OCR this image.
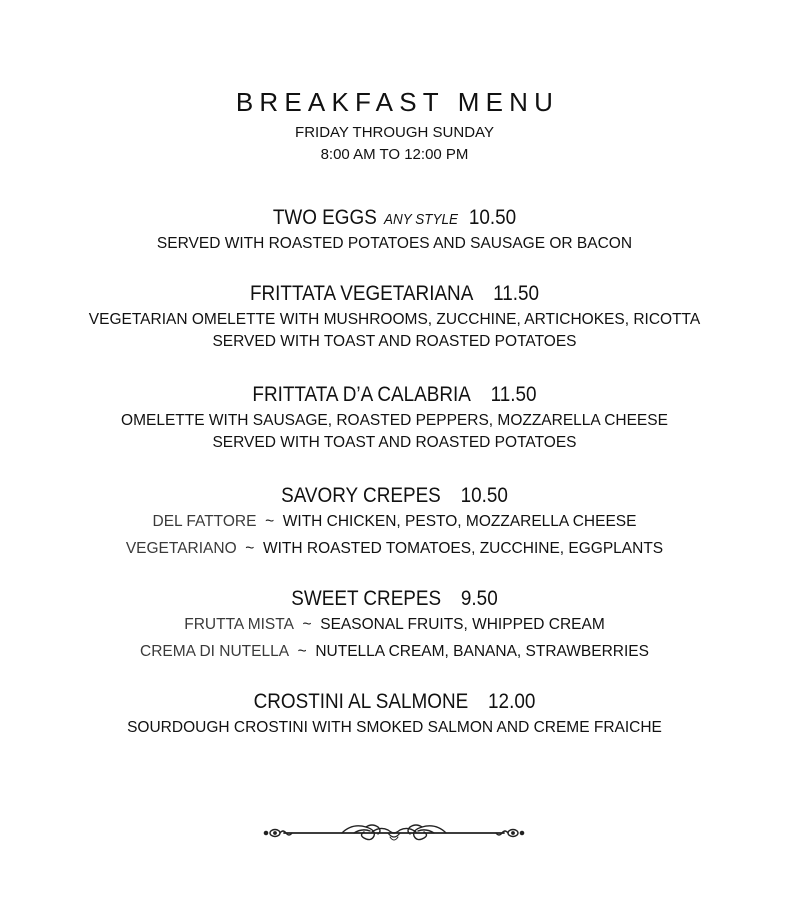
BREAKFAST MENU
FRIDAY THROUGH SUNDAY
8:00 AM TO 12:00 PM
TWO EGGS ANY STYLE 10.50
SERVED WITH ROASTED POTATOES AND SAUSAGE OR BACON
FRITTATA VEGETARIANA 11.50
VEGETARIAN OMELETTE WITH MUSHROOMS, ZUCCHINE, ARTICHOKES, RICOTTA
SERVED WITH TOAST AND ROASTED POTATOES
FRITTATA D’A CALABRIA 11.50
OMELETTE WITH SAUSAGE, ROASTED PEPPERS, MOZZARELLA CHEESE
SERVED WITH TOAST AND ROASTED POTATOES
SAVORY CREPES 10.50
DEL FATTORE ~ WITH CHICKEN, PESTO, MOZZARELLA CHEESE
VEGETARIANO ~ WITH ROASTED TOMATOES, ZUCCHINE, EGGPLANTS
SWEET CREPES 9.50
FRUTTA MISTA ~ SEASONAL FRUITS, WHIPPED CREAM
CREMA DI NUTELLA ~ NUTELLA CREAM, BANANA, STRAWBERRIES
CROSTINI AL SALMONE 12.00
SOURDOUGH CROSTINI WITH SMOKED SALMON AND CREME FRAICHE
